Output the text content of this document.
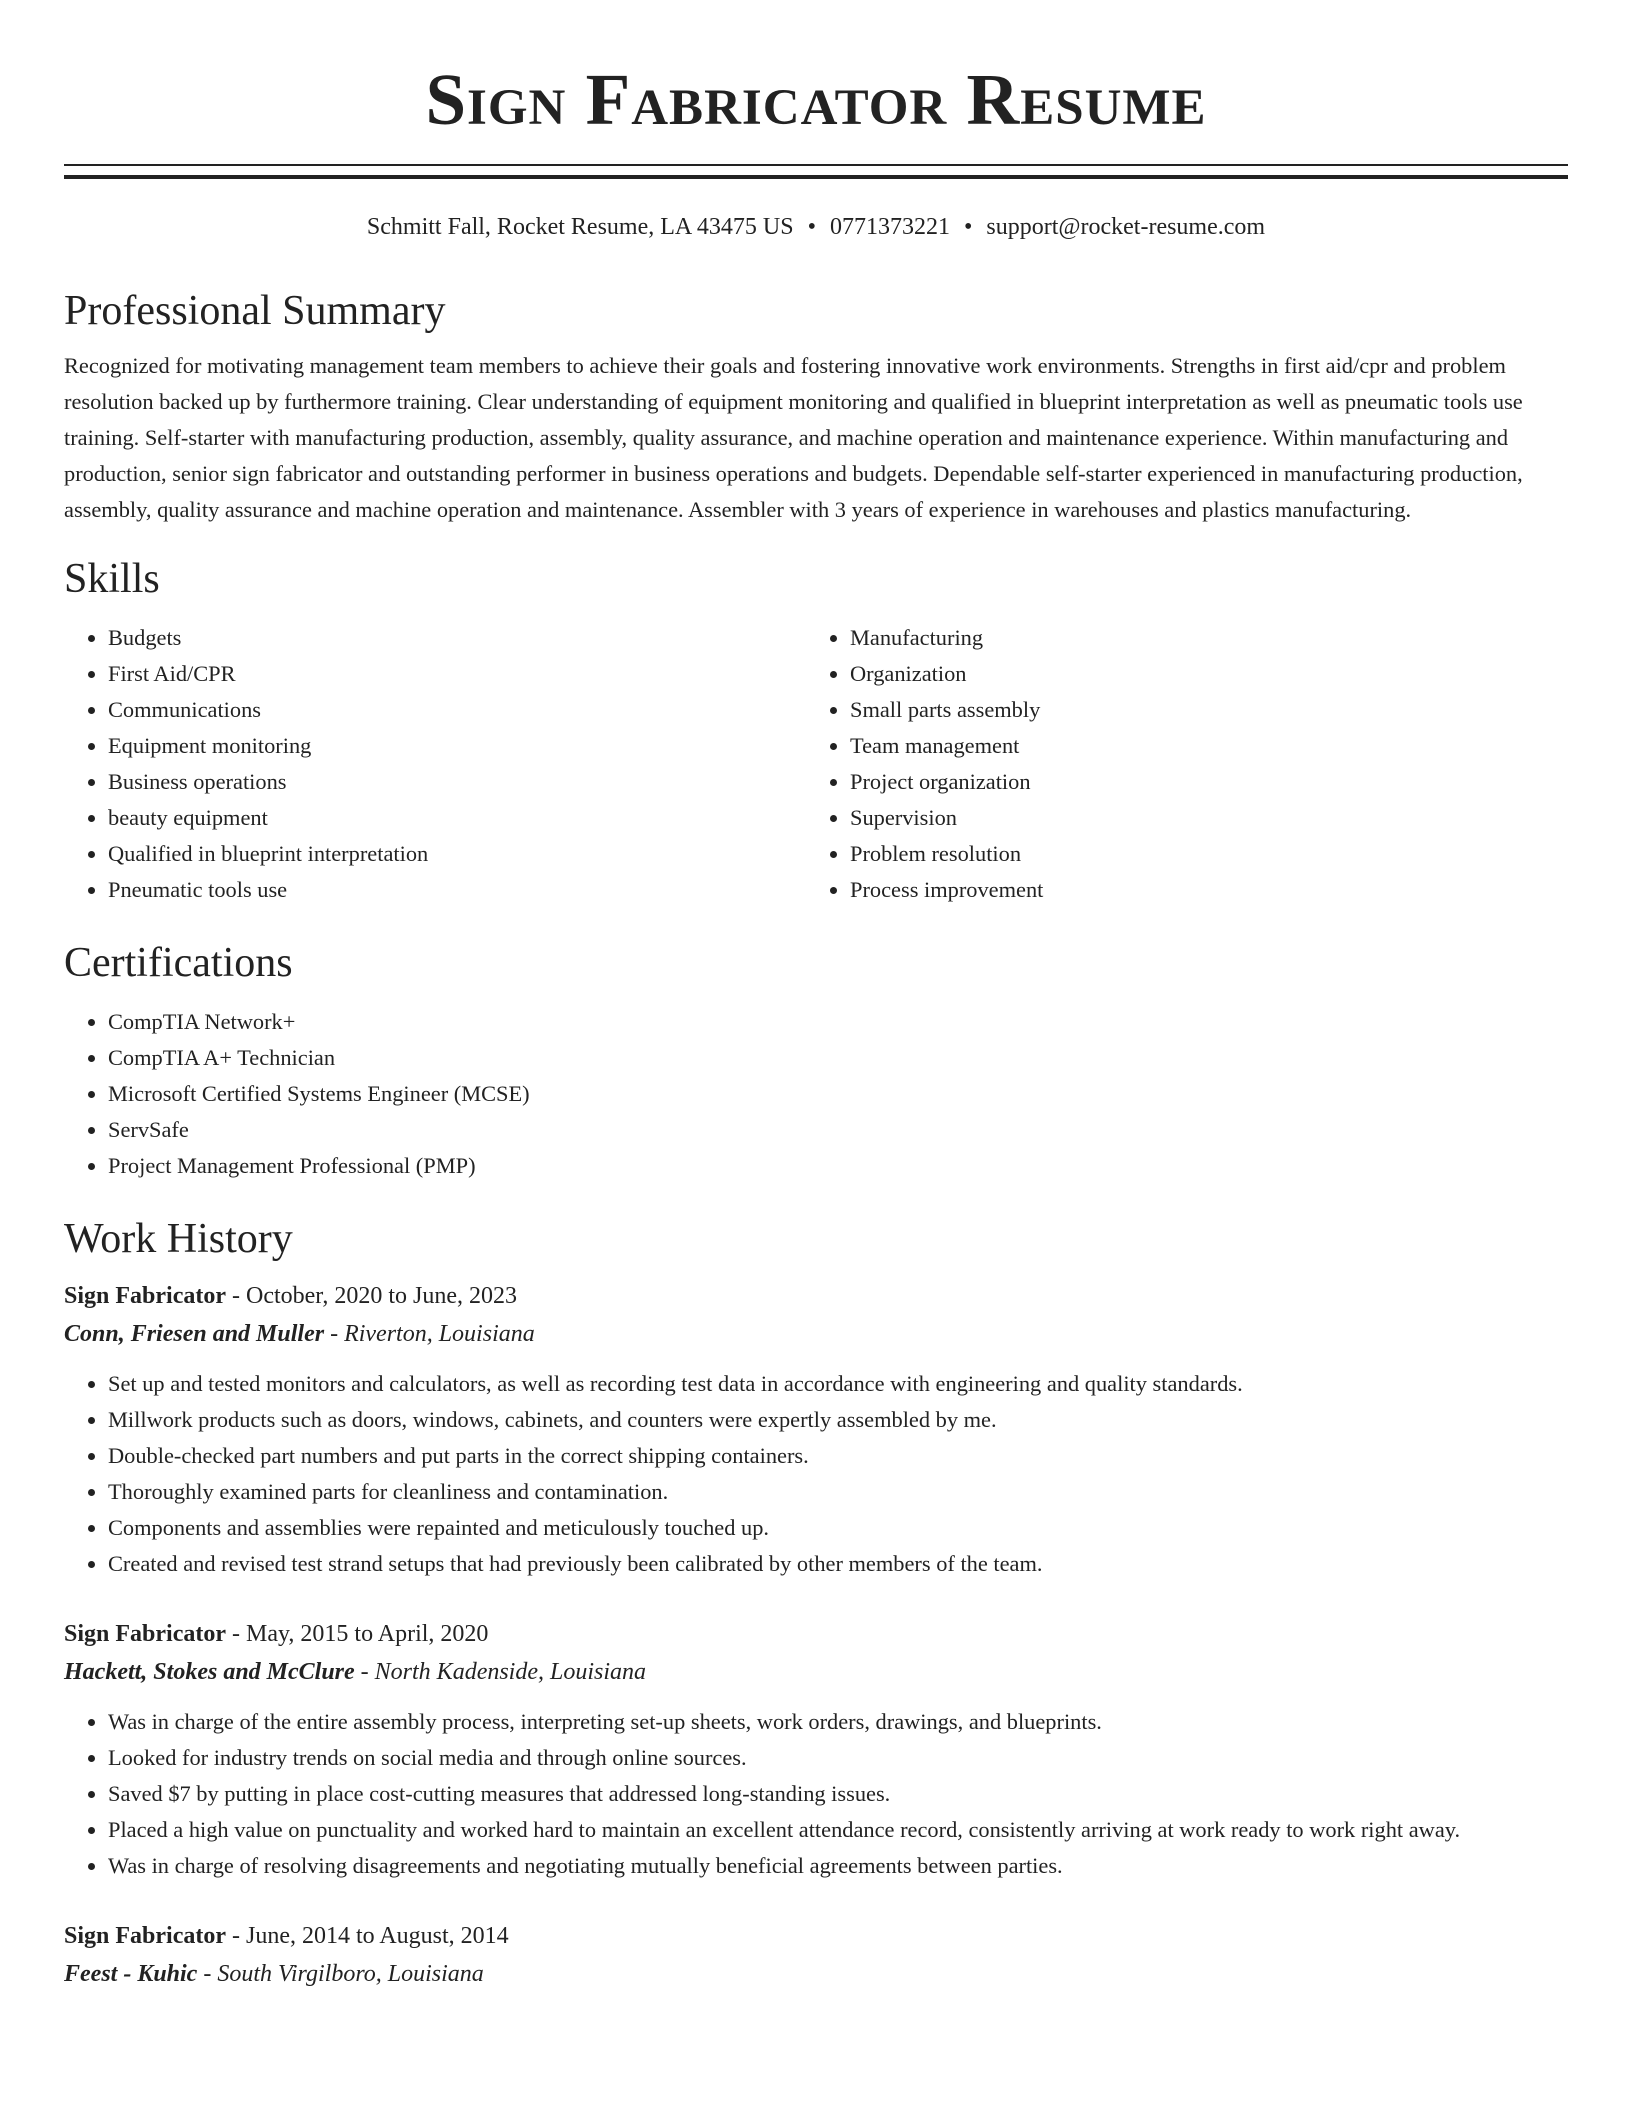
Sign Fabricator Resume
Schmitt Fall, Rocket Resume, LA 43475 US • 0771373221 • support@rocket-resume.com
Professional Summary

Recognized for motivating management team members to achieve their goals and fostering innovative work environments. Strengths in first aid/cpr and problem resolution backed up by furthermore training. Clear understanding of equipment monitoring and qualified in blueprint interpretation as well as pneumatic tools use training. Self-starter with manufacturing production, assembly, quality assurance, and machine operation and maintenance experience. Within manufacturing and production, senior sign fabricator and outstanding performer in business operations and budgets. Dependable self-starter experienced in manufacturing production, assembly, quality assurance and machine operation and maintenance. Assembler with 3 years of experience in warehouses and plastics manufacturing.

Skills
• Budgets
• First Aid/CPR
• Communications
• Equipment monitoring
• Business operations
• beauty equipment
• Qualified in blueprint interpretation
• Pneumatic tools use
• Manufacturing
• Organization
• Small parts assembly
• Team management
• Project organization
• Supervision
• Problem resolution
• Process improvement
Certifications
• CompTIA Network+
• CompTIA A+ Technician
• Microsoft Certified Systems Engineer (MCSE)
• ServSafe
• Project Management Professional (PMP)
Work History
Sign Fabricator - October, 2020 to June, 2023
Conn, Friesen and Muller - Riverton, Louisiana
• Set up and tested monitors and calculators, as well as recording test data in accordance with engineering and quality standards.
• Millwork products such as doors, windows, cabinets, and counters were expertly assembled by me.
• Double-checked part numbers and put parts in the correct shipping containers.
• Thoroughly examined parts for cleanliness and contamination.
• Components and assemblies were repainted and meticulously touched up.
• Created and revised test strand setups that had previously been calibrated by other members of the team.
Sign Fabricator - May, 2015 to April, 2020
Hackett, Stokes and McClure - North Kadenside, Louisiana
• Was in charge of the entire assembly process, interpreting set-up sheets, work orders, drawings, and blueprints.
• Looked for industry trends on social media and through online sources.
• Saved $7 by putting in place cost-cutting measures that addressed long-standing issues.
• Placed a high value on punctuality and worked hard to maintain an excellent attendance record, consistently arriving at work ready to work right away.
• Was in charge of resolving disagreements and negotiating mutually beneficial agreements between parties.
Sign Fabricator - June, 2014 to August, 2014
Feest - Kuhic - South Virgilboro, Louisiana
